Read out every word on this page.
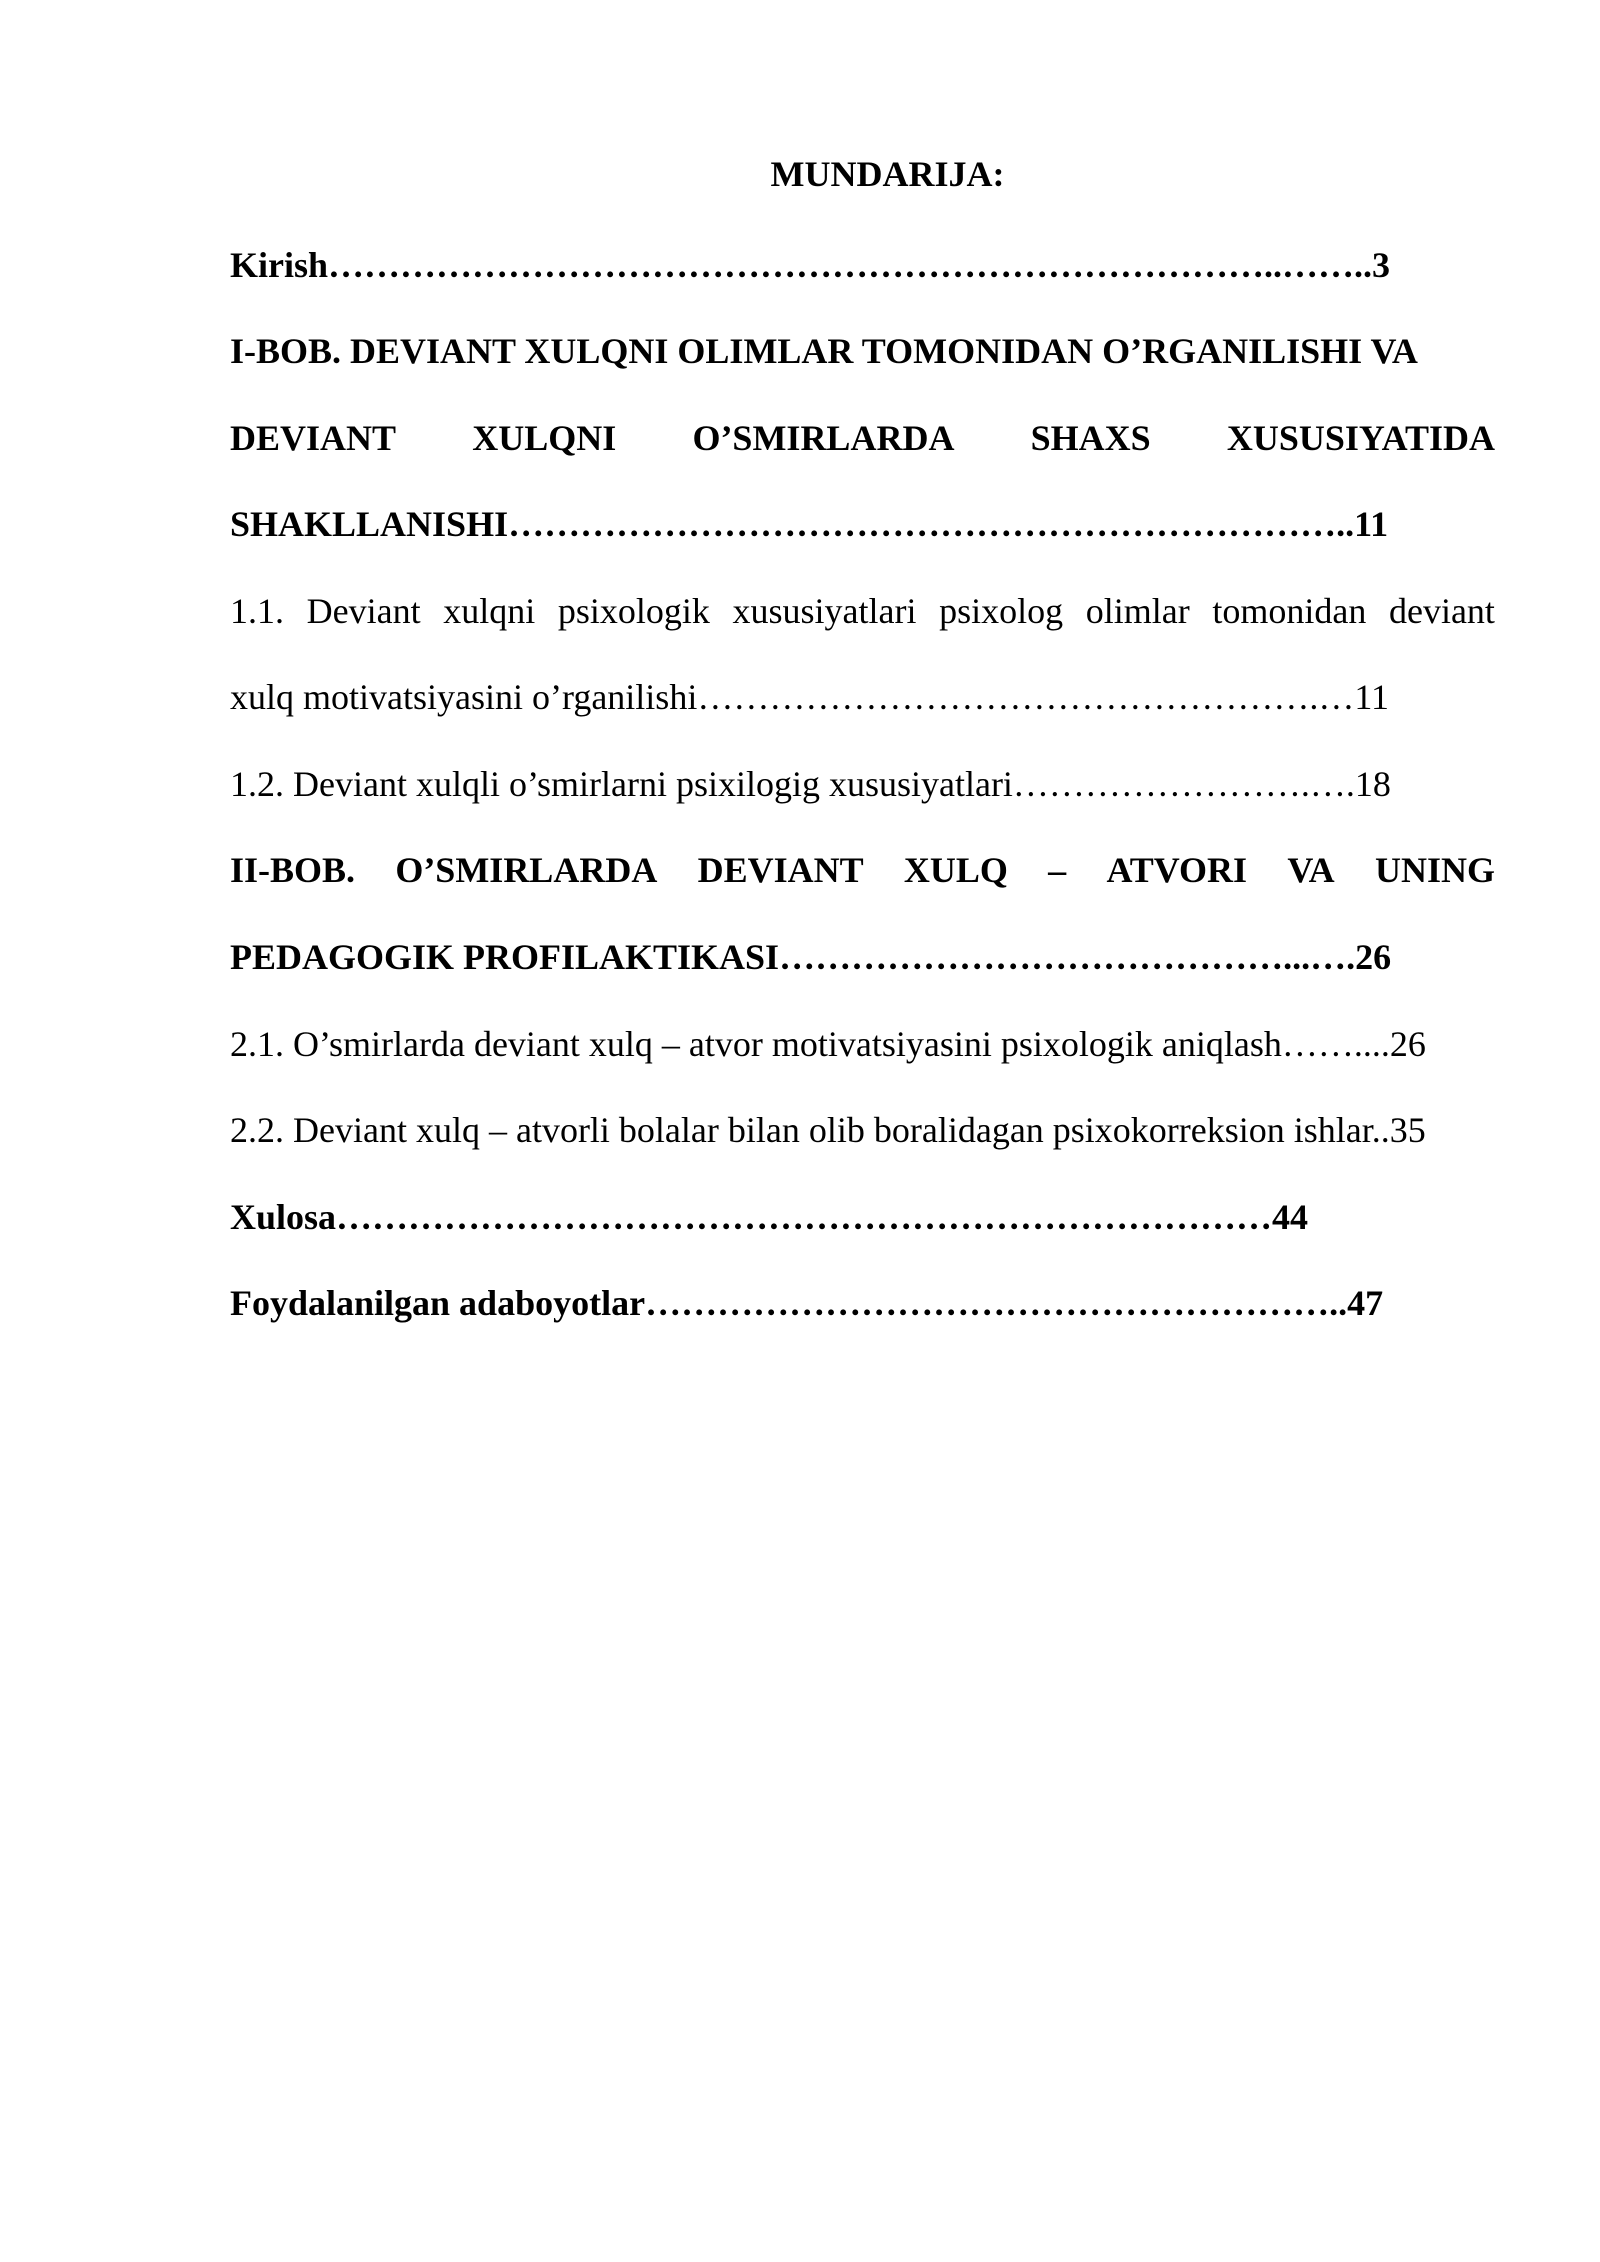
MUNDARIJA:
Kirish……………………………………………………………………..……..3
I-BOB. DEVIANT XULQNI OLIMLAR TOMONIDAN O’RGANILISHI VA
DEVIANT XULQNI O’SMIRLARDA SHAXS XUSUSIYATIDA
SHAKLLANISHI……………………………………………………………..11
1.1. Deviant xulqni psixologik xususiyatlari psixolog olimlar tomonidan deviant
xulq motivatsiyasini o’rganilishi…………………………………………….…11
1.2. Deviant xulqli o’smirlarni psixilogig xususiyatlari…………………….….18
II-BOB. O’SMIRLARDA DEVIANT XULQ – ATVORI VA UNING
PEDAGOGIK PROFILAKTIKASI……………………………………...….26
2.1. O’smirlarda deviant xulq – atvor motivatsiyasini psixologik aniqlash……....26
2.2. Deviant xulq – atvorli bolalar bilan olib boralidagan psixokorreksion ishlar..35
Xulosa……………………………………………………………………44
Foydalanilgan adaboyotlar…………………………………………………..47
